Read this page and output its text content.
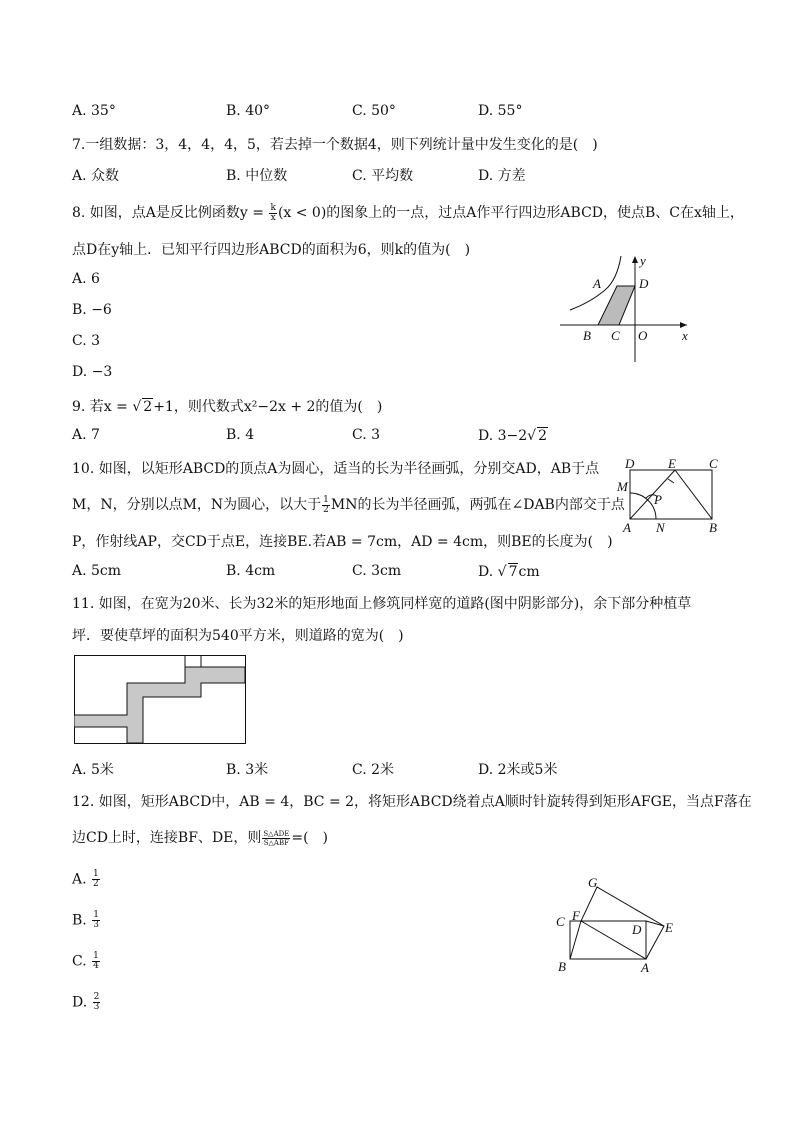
A. 35°	B. 40°	C. 50°	D. 55°
7.一组数据：3，4，4，4，5，若去掉一个数据4，则下列统计量中发生变化的是(　)
A. 众数	B. 中位数	C. 平均数	D. 方差
8. 如图，点A是反比例函数$y = \frac{k}{x} (x < 0)$的图象上的一点，过点A作平行四边形ABCD，使点B、C在x轴上，
点D在y轴上．已知平行四边形ABCD的面积为6，则k的值为(　)
A. 6
B. −6
C. 3
D. −3
A	D
y
B C O	x
9. 若x = √ 2+1，则代数式x²−2x + 2的值为(　)
A. 7	B. 4	C. 3	D. 3−2√ 2
10. 如图，以矩形ABCD的顶点A为圆心，适当的长为半径画弧，分别交AD，AB于点
M，N，分别以点M，N为圆心，以大于 $\frac{1}{2}$ MN的长为半径画弧，两弧在∠DAB内部交于点
P，作射线AP，交CD于点E，连接BE.若AB = 7cm，AD = 4cm，则BE的长度为(　)
A. 5cm	B. 4cm	C. 3cm	D. √ 7cm
D	E	C
M
P
A N	B
11. 如图，在宽为20米、长为32米的矩形地面上修筑同样宽的道路(图中阴影部分)，余下部分种植草
坪．要使草坪的面积为540平方米，则道路的宽为(　)
A. 5米	B. 3米	C. 2米	D. 2米或5米
12. 如图，矩形ABCD中，AB = 4，BC = 2，将矩形ABCD绕着点A顺时针旋转得到矩形AFGE，当点F落在
边CD上时，连接BF、DE，则 $\frac{\text{S△ADE}}{\text{S△ABF}}$ =(　)
A. $\frac{1}{2}$
B. $\frac{1}{3}$
C. $\frac{1}{4}$
D. $\frac{2}{3}$
G
F
C
D E
B	A
